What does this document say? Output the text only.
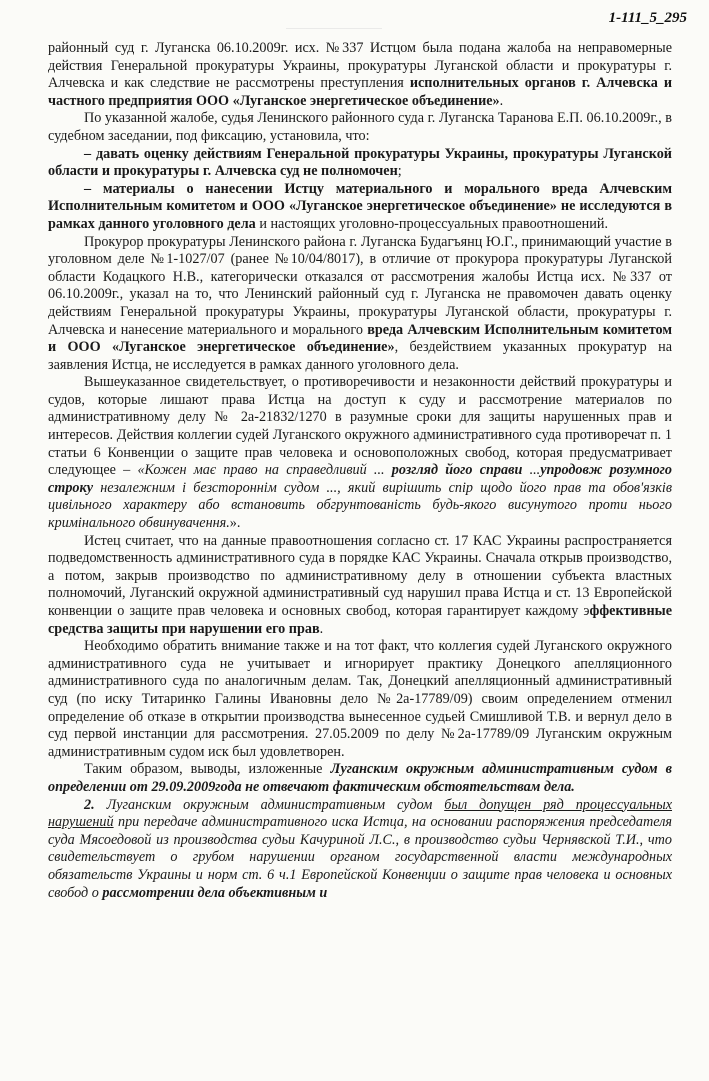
1-111_5_295

районный суд г. Луганска 06.10.2009г. исх. №337 Истцом была подана жалоба на неправомерные действия Генеральной прокуратуры Украины, прокуратуры Луганской области и прокуратуры г. Алчевска и как следствие не рассмотрены преступления исполнительных органов г. Алчевска и частного предприятия ООО «Луганское энергетическое объединение».

По указанной жалобе, судья Ленинского районного суда г. Луганска Таранова Е.П. 06.10.2009г., в судебном заседании, под фиксацию, установила, что:

– давать оценку действиям Генеральной прокуратуры Украины, прокуратуры Луганской области и прокуратуры г. Алчевска суд не полномочен;

– материалы о нанесении Истцу материального и морального вреда Алчевским Исполнительным комитетом и ООО «Луганское энергетическое объединение» не исследуются в рамках данного уголовного дела и настоящих уголовно-процессуальных правоотношений.

Прокурор прокуратуры Ленинского района г. Луганска Будагъянц Ю.Г., принимающий участие в уголовном деле №1-1027/07 (ранее №10/04/8017), в отличие от прокурора прокуратуры Луганской области Кодацкого Н.В., категорически отказался от рассмотрения жалобы Истца исх. №337 от 06.10.2009г., указал на то, что Ленинский районный суд г. Луганска не правомочен давать оценку действиям Генеральной прокуратуры Украины, прокуратуры Луганской области, прокуратуры г. Алчевска и нанесение материального и морального вреда Алчевским Исполнительным комитетом и ООО «Луганское энергетическое объединение», бездействием указанных прокуратур на заявления Истца, не исследуется в рамках данного уголовного дела.

Вышеуказанное свидетельствует, о противоречивости и незаконности действий прокуратуры и судов, которые лишают права Истца на доступ к суду и рассмотрение материалов по административному делу № 2а-21832/1270 в разумные сроки для защиты нарушенных прав и интересов. Действия коллегии судей Луганского окружного административного суда противоречат п. 1 статьи 6 Конвенции о защите прав человека и основоположных свобод, которая предусматривает следующее – «Кожен має право на справедливий ... розгляд його справи ...упродовж розумного строку незалежним і безстороннім судом ..., який вирішить спір щодо його прав та обов'язків цивільного характеру або встановить обгрунтованість будь-якого висунутого проти нього кримінального обвинувачення.».

Истец считает, что на данные правоотношения согласно ст. 17 КАС Украины распространяется подведомственность административного суда в порядке КАС Украины. Сначала открыв производство, а потом, закрыв производство по административному делу в отношении субъекта властных полномочий, Луганский окружной административный суд нарушил права Истца и ст. 13 Европейской конвенции о защите прав человека и основных свобод, которая гарантирует каждому эффективные средства защиты при нарушении его прав.

Необходимо обратить внимание также и на тот факт, что коллегия судей Луганского окружного административного суда не учитывает и игнорирует практику Донецкого апелляционного административного суда по аналогичным делам. Так, Донецкий апелляционный административный суд (по иску Титаринко Галины Ивановны дело №2а-17789/09) своим определением отменил определение об отказе в открытии производства вынесенное судьей Смишливой Т.В. и вернул дело в суд первой инстанции для рассмотрения. 27.05.2009 по делу №2а-17789/09 Луганским окружным административным судом иск был удовлетворен.

Таким образом, выводы, изложенные Луганским окружным административным судом в определении от 29.09.2009года не отвечают фактическим обстоятельствам дела.

2. Луганским окружным административным судом был допущен ряд процессуальных нарушений при передаче административного иска Истца, на основании распоряжения председателя суда Мясоедовой из производства судьи Качуриной Л.С., в производство судьи Чернявской Т.И., что свидетельствует о грубом нарушении органом государственной власти международных обязательств Украины и норм ст. 6 ч.1 Европейской Конвенции о защите прав человека и основных свобод о рассмотрении дела объективным и
